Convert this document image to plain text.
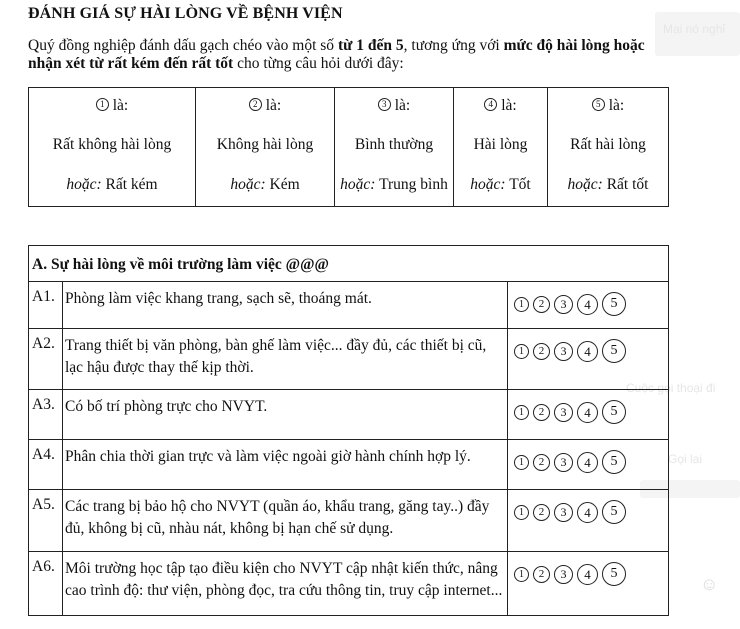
Mai nó nghỉ
Cuộc gọi thoại đi
Gọi lại
☺
ĐÁNH GIÁ SỰ HÀI LÒNG VỀ BỆNH VIỆN
Quý đồng nghiệp đánh dấu gạch chéo vào một số từ 1 đến 5, tương ứng với mức độ hài lòng hoặc nhận xét từ rất kém đến rất tốt cho từng câu hỏi dưới đây:
1 là:
Rất không hài lòng
hoặc: Rất kém

2 là:
Không hài lòng
hoặc: Kém

3 là:
Bình thường
hoặc: Trung bình

4 là:
Hài lòng
hoặc: Tốt

5 là:
Rất hài lòng
hoặc: Rất tốt
A. Sự hài lòng về môi trường làm việc @@@		
A1.	Phòng làm việc khang trang, sạch sẽ, thoáng mát.	1 2 3 4 5

A2.	Trang thiết bị văn phòng, bàn ghế làm việc... đầy đủ, các thiết bị cũ, lạc hậu được thay thế kịp thời.	1 2 3 4 5

A3.	Có bố trí phòng trực cho NVYT.	1 2 3 4 5

A4.	Phân chia thời gian trực và làm việc ngoài giờ hành chính hợp lý.	1 2 3 4 5

A5.	Các trang bị bảo hộ cho NVYT (quần áo, khẩu trang, găng tay..) đầy đủ, không bị cũ, nhàu nát, không bị hạn chế sử dụng.	1 2 3 4 5

A6.	Môi trường học tập tạo điều kiện cho NVYT cập nhật kiến thức, nâng cao trình độ: thư viện, phòng đọc, tra cứu thông tin, truy cập internet...	1 2 3 4 5
